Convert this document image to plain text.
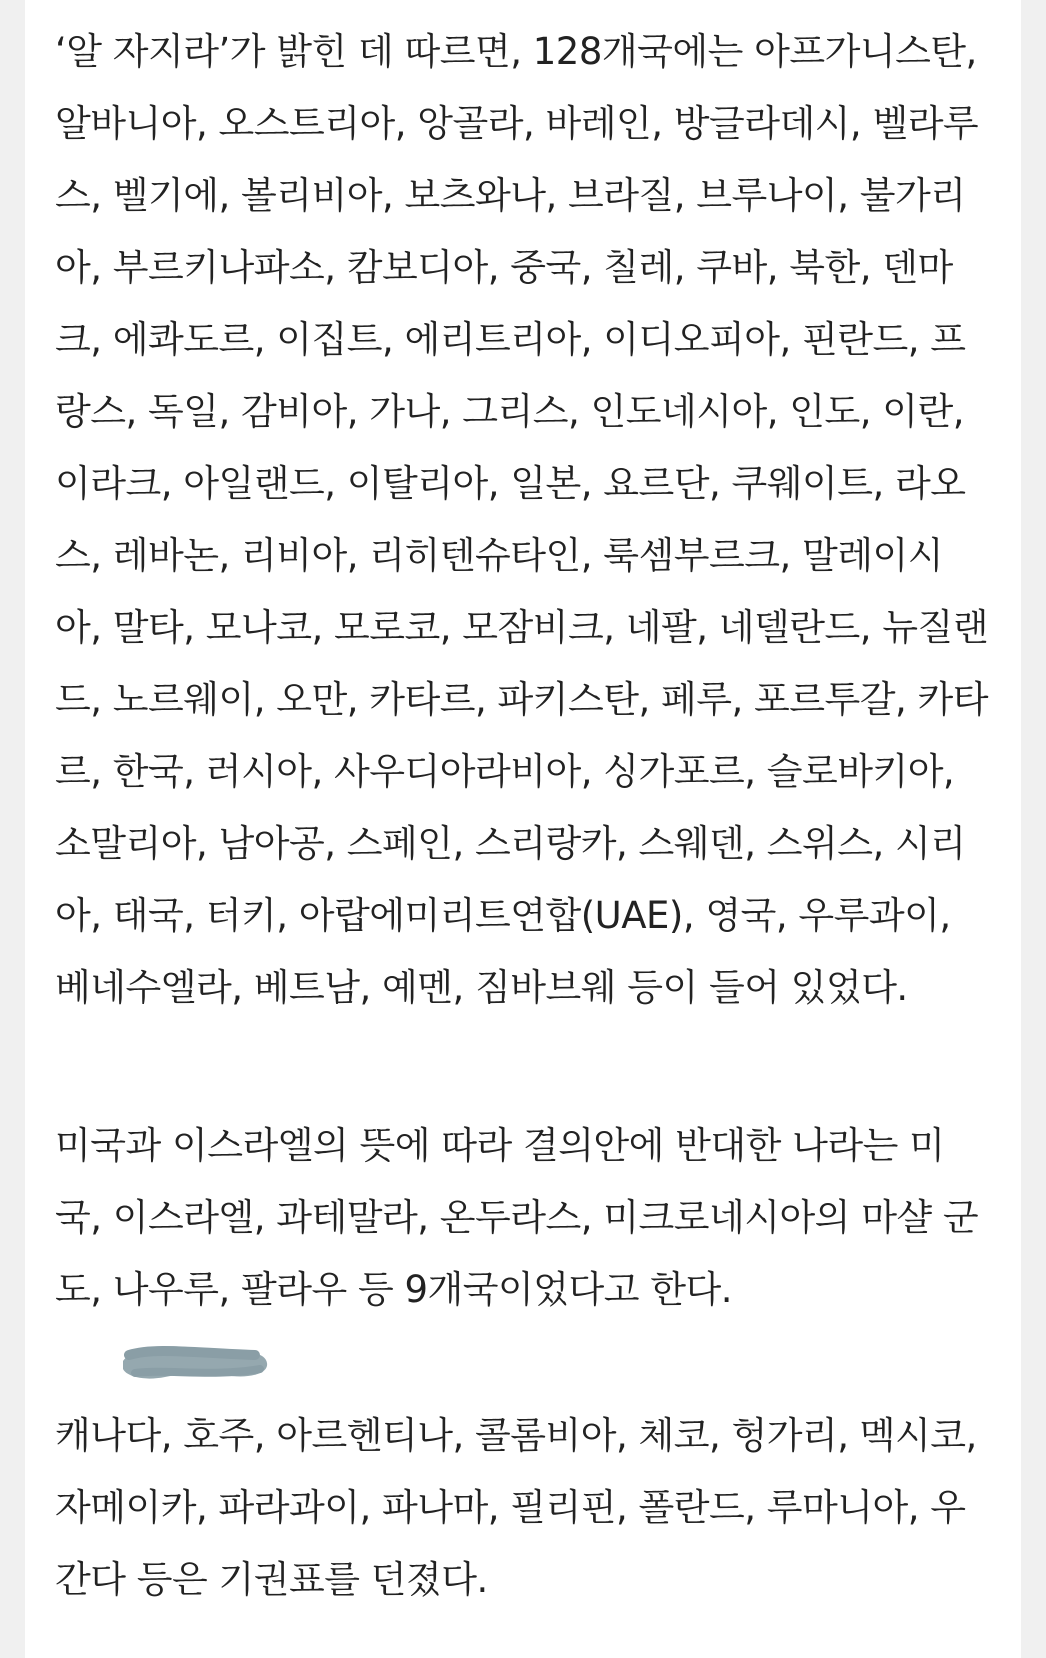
‘알 자지라’가 밝힌 데 따르면, 128개국에는 아프가니스탄,
알바니아, 오스트리아, 앙골라, 바레인, 방글라데시, 벨라루
스, 벨기에, 볼리비아, 보츠와나, 브라질, 브루나이, 불가리
아, 부르키나파소, 캄보디아, 중국, 칠레, 쿠바, 북한, 덴마
크, 에콰도르, 이집트, 에리트리아, 이디오피아, 핀란드, 프
랑스, 독일, 감비아, 가나, 그리스, 인도네시아, 인도, 이란,
이라크, 아일랜드, 이탈리아, 일본, 요르단, 쿠웨이트, 라오
스, 레바논, 리비아, 리히텐슈타인, 룩셈부르크, 말레이시
아, 말타, 모나코, 모로코, 모잠비크, 네팔, 네델란드, 뉴질랜
드, 노르웨이, 오만, 카타르, 파키스탄, 페루, 포르투갈, 카타
르, 한국, 러시아, 사우디아라비아, 싱가포르, 슬로바키아,
소말리아, 남아공, 스페인, 스리랑카, 스웨덴, 스위스, 시리
아, 태국, 터키, 아랍에미리트연합(UAE), 영국, 우루과이,
베네수엘라, 베트남, 예멘, 짐바브웨 등이 들어 있었다.
미국과 이스라엘의 뜻에 따라 결의안에 반대한 나라는 미
국, 이스라엘, 과테말라, 온두라스, 미크로네시아의 마샬 군
도, 나우루, 팔라우 등 9개국이었다고 한다.
캐나다, 호주, 아르헨티나, 콜롬비아, 체코, 헝가리, 멕시코,
자메이카, 파라과이, 파나마, 필리핀, 폴란드, 루마니아, 우
간다 등은 기권표를 던졌다.
